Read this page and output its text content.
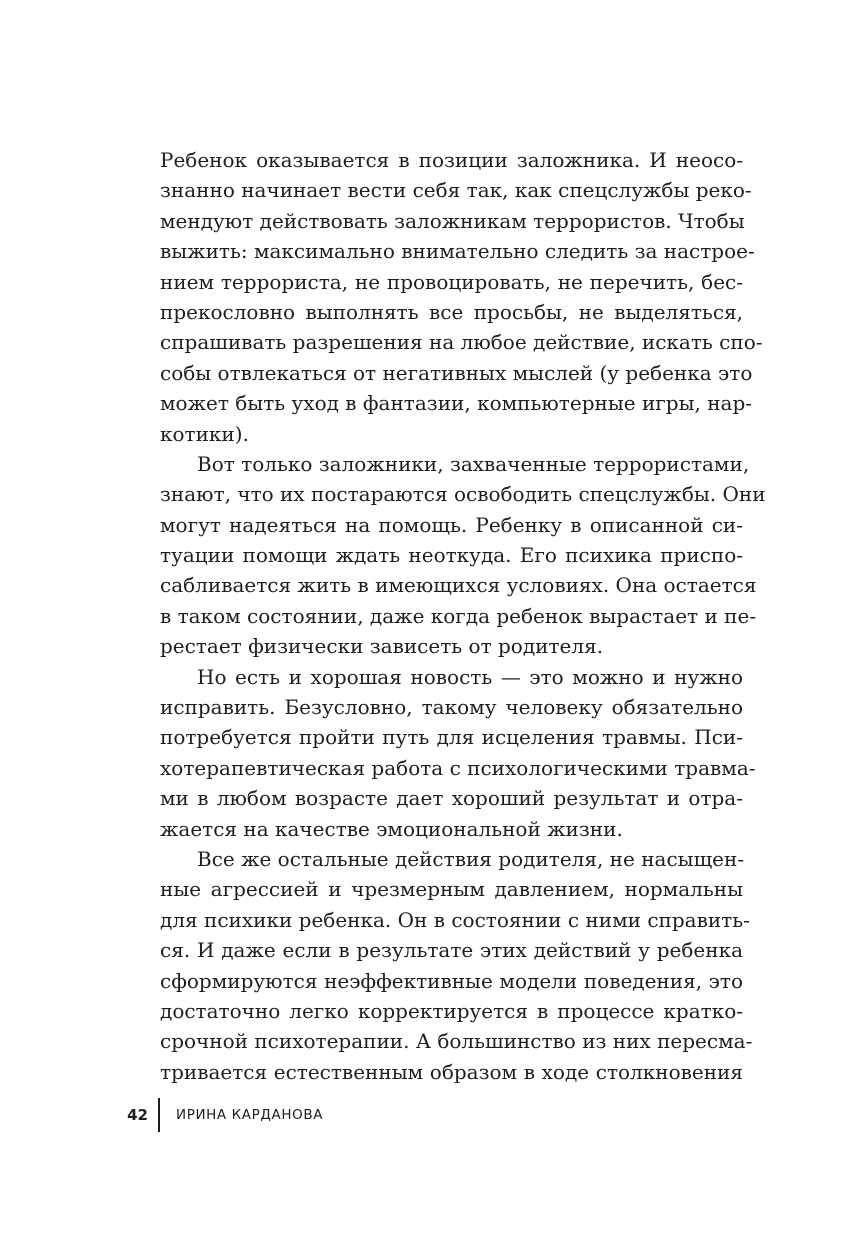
Ребенок оказывается в позиции заложника. И неосо-
знанно начинает вести себя так, как спецслужбы реко-
мендуют действовать заложникам террористов. Чтобы
выжить: максимально внимательно следить за настрое-
нием террориста, не провоцировать, не перечить, бес-
прекословно выполнять все просьбы, не выделяться,
спрашивать разрешения на любое действие, искать спо-
собы отвлекаться от негативных мыслей (у ребенка это
может быть уход в фантазии, компьютерные игры, нар-
котики).
Вот только заложники, захваченные террористами,
знают, что их постараются освободить спецслужбы. Они
могут надеяться на помощь. Ребенку в описанной си-
туации помощи ждать неоткуда. Его психика приспо-
сабливается жить в имеющихся условиях. Она остается
в таком состоянии, даже когда ребенок вырастает и пе-
рестает физически зависеть от родителя.
Но есть и хорошая новость — это можно и нужно
исправить. Безусловно, такому человеку обязательно
потребуется пройти путь для исцеления травмы. Пси-
хотерапевтическая работа с психологическими травма-
ми в любом возрасте дает хороший результат и отра-
жается на качестве эмоциональной жизни.
Все же остальные действия родителя, не насыщен-
ные агрессией и чрезмерным давлением, нормальны
для психики ребенка. Он в состоянии с ними справить-
ся. И даже если в результате этих действий у ребенка
сформируются неэффективные модели поведения, это
достаточно легко корректируется в процессе кратко-
срочной психотерапии. А большинство из них пересма-
тривается естественным образом в ходе столкновения
42 ИРИНА КАРДАНОВА
